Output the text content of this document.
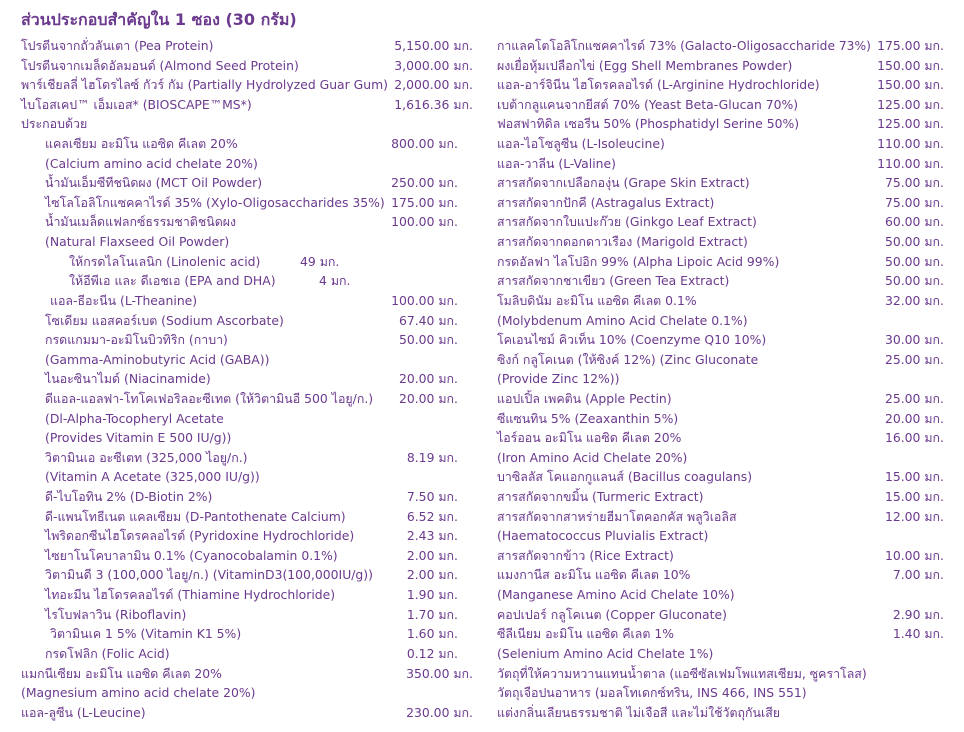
ส่วนประกอบสำคัญใน 1 ซอง (30 กรัม)
โปรตีนจากถั่วลันเตา (Pea Protein)	5,150.00 มก.
โปรตีนจากเมล็ดอัลมอนด์ (Almond Seed Protein)	3,000.00 มก.
พาร์เชียลลี่ ไฮโดรไลซ์ กัวร์ กัม (Partially Hydrolyzed Guar Gum) 2,000.00 มก.
ไบโอสเคป™ เอ็มเอส* (BIOSCAPE™MS*)	1,616.36 มก.
ประกอบด้วย
แคลเซียม อะมิโน แอซิด คีเลต 20%	800.00 มก.
(Calcium amino acid chelate 20%)
น้ำมันเอ็มซีทีชนิดผง (MCT Oil Powder)	250.00 มก.
ไซโลโอลิโกแซคคาไรด์ 35% (Xylo-Oligosaccharides 35%) 175.00 มก.
น้ำมันเมล็ดแฟลกซ์ธรรมชาติชนิดผง	100.00 มก.
(Natural Flaxseed Oil Powder)
ให้กรดไลโนเลนิก (Linolenic acid)	49 มก.
ให้อีพีเอ และ ดีเอชเอ (EPA and DHA)	4 มก.
แอล-ธีอะนีน (L-Theanine)	100.00 มก.
โซเดียม แอสคอร์เบต (Sodium Ascorbate)	67.40 มก.
กรดแกมมา-อะมิโนบิวทิริก (กาบา)	50.00 มก.
(Gamma-Aminobutyric Acid (GABA))
ไนอะซินาไมด์ (Niacinamide)	20.00 มก.
ดีแอล-แอลฟา-โทโคเฟอริลอะซีเทต (ให้วิตามินอี 500 ไอยู/ก.) 20.00 มก.
(Dl-Alpha-Tocopheryl Acetate
(Provides Vitamin E 500 IU/g))
วิตามินเอ อะซีเตท (325,000 ไอยู/ก.)	8.19 มก.
(Vitamin A Acetate (325,000 IU/g))
ดี-ไบโอทิน 2% (D-Biotin 2%)	7.50 มก.
ดี-แพนโทธีเนต แคลเซียม (D-Pantothenate Calcium)	6.52 มก.
ไพริดอกซีนไฮโดรคลอไรด์ (Pyridoxine Hydrochloride)	2.43 มก.
ไซยาโนโคบาลามิน 0.1% (Cyanocobalamin 0.1%)	2.00 มก.
วิตามินดี 3 (100,000 ไอยู/ก.) (VitaminD3(100,000IU/g))	2.00 มก.
ไทอะมีน ไฮโดรคลอไรด์ (Thiamine Hydrochloride)	1.90 มก.
ไรโบฟลาวิน (Riboflavin)	1.70 มก.
วิตามินเค 1 5% (Vitamin K1 5%)	1.60 มก.
กรดโฟลิก (Folic Acid)	0.12 มก.
แมกนีเซียม อะมิโน แอซิด คีเลต 20%	350.00 มก.
(Magnesium amino acid chelate 20%)
แอล-ลูซีน (L-Leucine)	230.00 มก.
กาแลคโตโอลิโกแซคคาไรด์ 73% (Galacto-Oligosaccharide 73%) 175.00 มก.
ผงเยื่อหุ้มเปลือกไข่ (Egg Shell Membranes Powder)	150.00 มก.
แอล-อาร์จินีน ไฮโดรคลอไรด์ (L-Arginine Hydrochloride)	150.00 มก.
เบต้ากลูแคนจากยีสต์ 70% (Yeast Beta-Glucan 70%)	125.00 มก.
ฟอสฟาทิดิล เซอรีน 50% (Phosphatidyl Serine 50%)	125.00 มก.
แอล-ไอโซลูซีน (L-Isoleucine)	110.00 มก.
แอล-วาลีน (L-Valine)	110.00 มก.
สารสกัดจากเปลือกองุ่น (Grape Skin Extract)	75.00 มก.
สารสกัดจากปักคี (Astragalus Extract)	75.00 มก.
สารสกัดจากใบแปะก๊วย (Ginkgo Leaf Extract)	60.00 มก.
สารสกัดจากดอกดาวเรือง (Marigold Extract)	50.00 มก.
กรดอัลฟา ไลโปอิก 99% (Alpha Lipoic Acid 99%)	50.00 มก.
สารสกัดจากชาเขียว (Green Tea Extract)	50.00 มก.
โมลิบดินัม อะมิโน แอซิด คีเลต 0.1%	32.00 มก.
(Molybdenum Amino Acid Chelate 0.1%)
โคเอนไซม์ คิวเท็น 10% (Coenzyme Q10 10%)	30.00 มก.
ซิงก์ กลูโคเนต (ให้ซิงค์ 12%) (Zinc Gluconate	25.00 มก.
(Provide Zinc 12%))
แอปเปิ้ล เพคติน (Apple Pectin)	25.00 มก.
ซีแซนทิน 5% (Zeaxanthin 5%)	20.00 มก.
ไอร์ออน อะมิโน แอซิด คีเลต 20%	16.00 มก.
(Iron Amino Acid Chelate 20%)
บาซิลลัส โคแอกกูแลนส์ (Bacillus coagulans)	15.00 มก.
สารสกัดจากขมิ้น (Turmeric Extract)	15.00 มก.
สารสกัดจากสาหร่ายฮีมาโตคอกคัส พลูวิเอลิส	12.00 มก.
(Haematococcus Pluvialis Extract)
สารสกัดจากข้าว (Rice Extract)	10.00 มก.
แมงกานีส อะมิโน แอซิด คีเลต 10%	7.00 มก.
(Manganese Amino Acid Chelate 10%)
คอปเปอร์ กลูโคเนต (Copper Gluconate)	2.90 มก.
ซีลีเนียม อะมิโน แอซิด คีเลต 1%	1.40 มก.
(Selenium Amino Acid Chelate 1%)
วัตถุที่ให้ความหวานแทนน้ำตาล (แอซีซัลเฟมโพแทสเซียม, ซูคราโลส)
วัตถุเจือปนอาหาร (มอลโทเดกซ์ทริน, INS 466, INS 551)
แต่งกลิ่นเลียนธรรมชาติ ไม่เจือสี และไม่ใช้วัตถุกันเสีย
